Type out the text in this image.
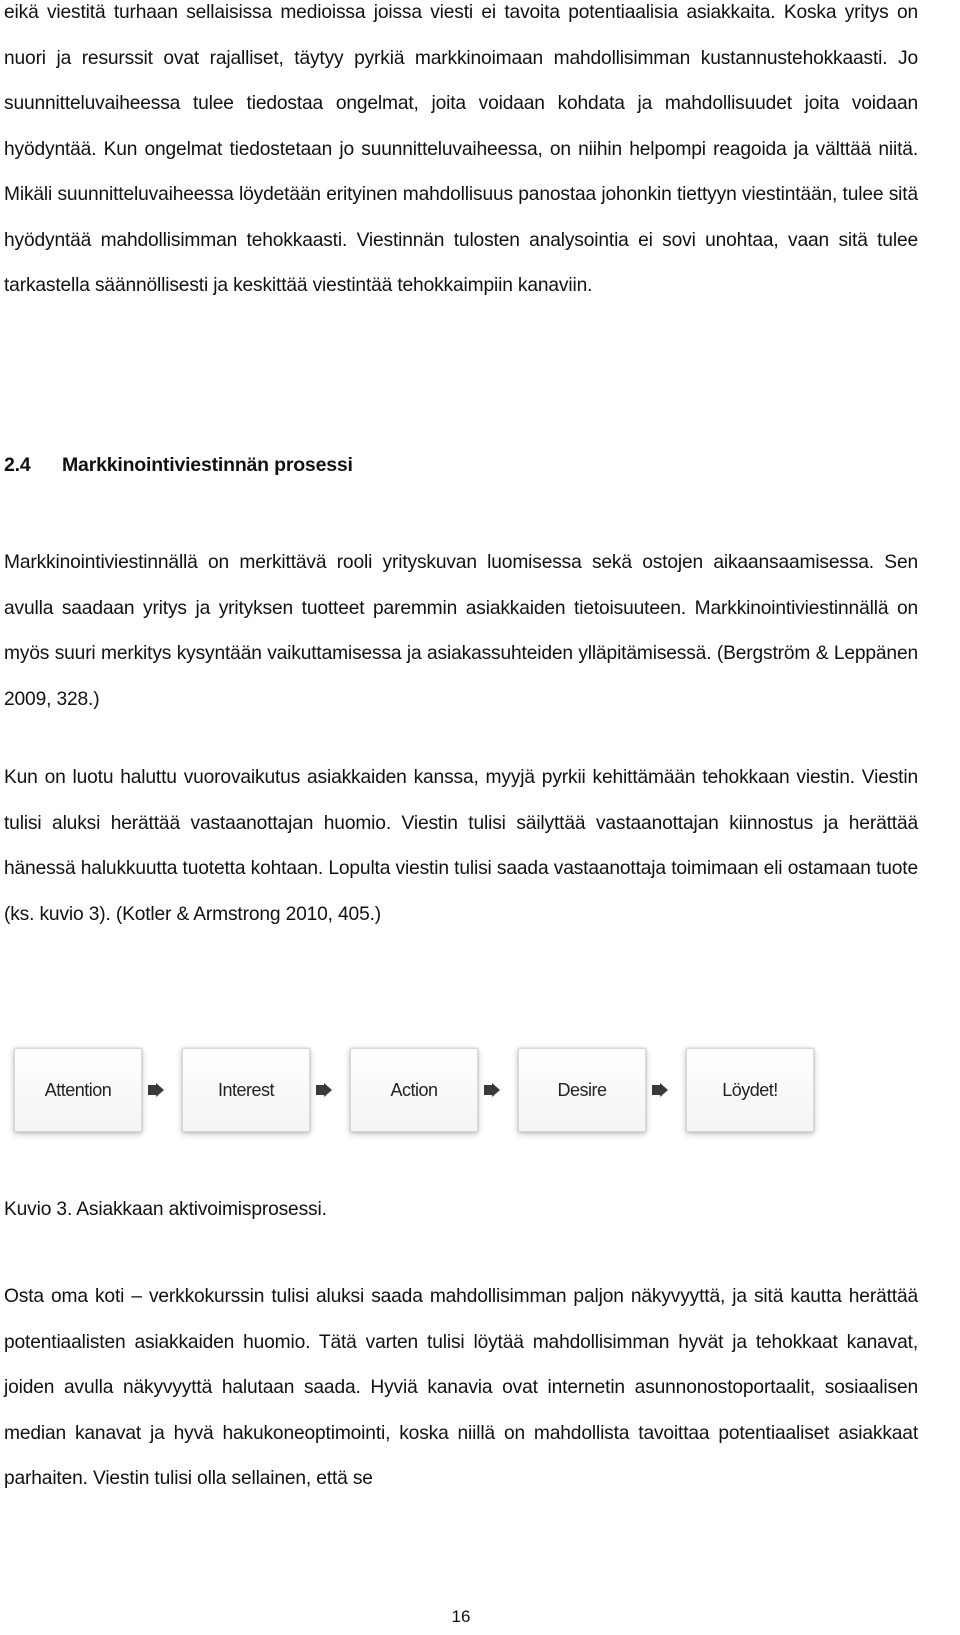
eikä viestitä turhaan sellaisissa medioissa joissa viesti ei tavoita potentiaalisia asiakkaita. Koska yritys on nuori ja resurssit ovat rajalliset, täytyy pyrkiä markkinoimaan mahdollisimman kustannustehokkaasti. Jo suunnitteluvaiheessa tulee tiedostaa ongelmat, joita voidaan kohdata ja mahdollisuudet joita voidaan hyödyntää. Kun ongelmat tiedostetaan jo suunnitteluvaiheessa, on niihin helpompi reagoida ja välttää niitä. Mikäli suunnitteluvaiheessa löydetään erityinen mahdollisuus panostaa johonkin tiettyyn viestintään, tulee sitä hyödyntää mahdollisimman tehokkaasti. Viestinnän tulosten analysointia ei sovi unohtaa, vaan sitä tulee tarkastella säännöllisesti ja keskittää viestintää tehokkaimpiin kanaviin.

2.4 Markkinointiviestinnän prosessi

Markkinointiviestinnällä on merkittävä rooli yrityskuvan luomisessa sekä ostojen aikaansaamisessa. Sen avulla saadaan yritys ja yrityksen tuotteet paremmin asiakkaiden tietoisuuteen. Markkinointiviestinnällä on myös suuri merkitys kysyntään vaikuttamisessa ja asiakassuhteiden ylläpitämisessä. (Bergström & Leppänen 2009, 328.)

Kun on luotu haluttu vuorovaikutus asiakkaiden kanssa, myyjä pyrkii kehittämään tehokkaan viestin. Viestin tulisi aluksi herättää vastaanottajan huomio. Viestin tulisi säilyttää vastaanottajan kiinnostus ja herättää hänessä halukkuutta tuotetta kohtaan. Lopulta viestin tulisi saada vastaanottaja toimimaan eli ostamaan tuote (ks. kuvio 3). (Kotler & Armstrong 2010, 405.)

Attention	Interest	Action	Desire	Löydet!

Kuvio 3. Asiakkaan aktivoimisprosessi.

Osta oma koti – verkkokurssin tulisi aluksi saada mahdollisimman paljon näkyvyyttä, ja sitä kautta herättää potentiaalisten asiakkaiden huomio. Tätä varten tulisi löytää mahdollisimman hyvät ja tehokkaat kanavat, joiden avulla näkyvyyttä halutaan saada. Hyviä kanavia ovat internetin asunnonostoportaalit, sosiaalisen median kanavat ja hyvä hakukoneoptimointi, koska niillä on mahdollista tavoittaa potentiaaliset asiakkaat parhaiten. Viestin tulisi olla sellainen, että se

16
